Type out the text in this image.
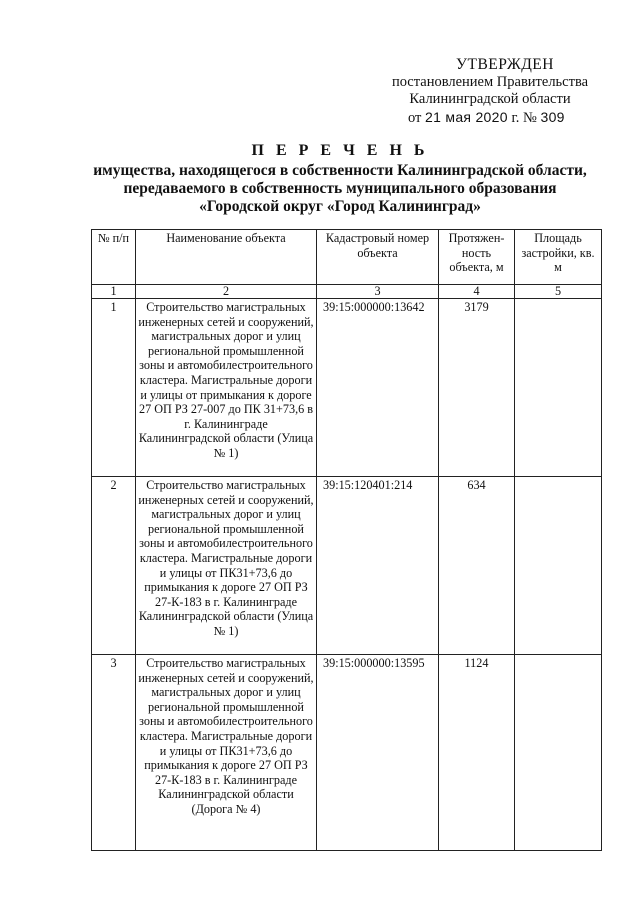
УТВЕРЖДЕН
постановлением Правительства
Калининградской области
от 21 мая 2020 г. № 309
П Е Р Е Ч Е Н Ь
имущества, находящегося в собственности Калининградской области,
передаваемого в собственность муниципального образования
«Городской округ «Город Калининград»
№ п/п	Наименование объекта	Кадастровый номер объекта	Протяжен-ность объекта, м	Площадь застройки, кв. м
1	2	3	4	5
1	Строительство магистральных инженерных сетей и сооружений, магистральных дорог и улиц региональной промышленной зоны и автомобилестроительного кластера. Магистральные дороги и улицы от примыкания к дороге 27 ОП РЗ 27-007 до ПК 31+73,6 в г. Калининграде Калининградской области (Улица № 1)	39:15:000000:13642	3179	
2	Строительство магистральных инженерных сетей и сооружений, магистральных дорог и улиц региональной промышленной зоны и автомобилестроительного кластера. Магистральные дороги и улицы от ПК31+73,6 до примыкания к дороге 27 ОП РЗ 27-К-183 в г. Калининграде Калининградской области (Улица № 1)	39:15:120401:214	634	
3	Строительство магистральных инженерных сетей и сооружений, магистральных дорог и улиц региональной промышленной зоны и автомобилестроительного кластера. Магистральные дороги и улицы от ПК31+73,6 до примыкания к дороге 27 ОП РЗ 27-К-183 в г. Калининграде Калининградской области (Дорога № 4)	39:15:000000:13595	1124	
